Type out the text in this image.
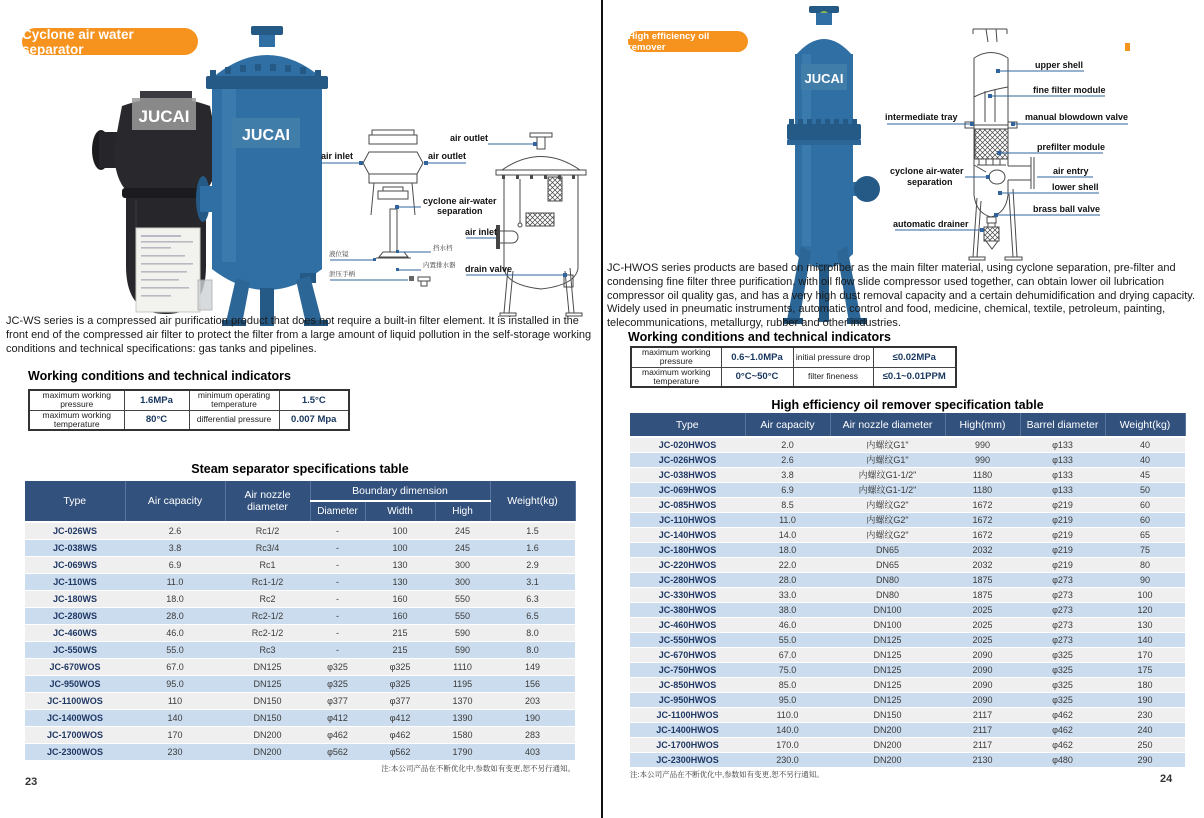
Cyclone air water separator
JUCAI
JUCAI
air inlet	air outlet
cyclone air-water
separation
挡水档
液位镜
内置排水器
泄压手柄
air outlet
air inlet
drain valve
JC-WS series is a compressed air purification product that does not require a built-in filter element. It is installed in the front end of the compressed air filter to protect the filter from a large amount of liquid pollution in the self-storage working conditions and technical specifications: gas tanks and pipelines.
Working conditions and technical indicators
maximum working pressure	1.6MPa	minimum operating temperature	1.5°C
maximum working temperature	80°C	differential pressure	0.007 Mpa
Steam separator specifications table
Type	Air capacity	Air nozzle diameter	Boundary dimension			Weight(kg)
			Diameter	Width	High	
JC-026WS	2.6	Rc1/2	-	100	245	1.5
JC-038WS	3.8	Rc3/4	-	100	245	1.6
JC-069WS	6.9	Rc1	-	130	300	2.9
JC-110WS	11.0	Rc1-1/2	-	130	300	3.1
JC-180WS	18.0	Rc2	-	160	550	6.3
JC-280WS	28.0	Rc2-1/2	-	160	550	6.5
JC-460WS	46.0	Rc2-1/2	-	215	590	8.0
JC-550WS	55.0	Rc3	-	215	590	8.0
JC-670WOS	67.0	DN125	φ325	φ325	1110	149
JC-950WOS	95.0	DN125	φ325	φ325	1195	156
JC-1100WOS	110	DN150	φ377	φ377	1370	203
JC-1400WOS	140	DN150	φ412	φ412	1390	190
JC-1700WOS	170	DN200	φ462	φ462	1580	283
JC-2300WOS	230	DN200	φ562	φ562	1790	403
注:本公司产品在不断优化中,参数如有变更,恕不另行通知。
23
High efficiency oil remover
JUCAI
upper shell
fine filter module
intermediate tray	manual blowdown valve
prefilter module
cyclone air-water
separation
air entry
lower shell
brass ball valve
automatic drainer
JC-HWOS series products are based on microfiber as the main filter material, using cyclone separation, pre-filter and condensing fine filter three purification, with oil flow slide compressor used together, can obtain lower oil lubrication compressor oil quality gas, and has a very high dust removal capacity and a certain dehumidification and drying capacity. Widely used in pneumatic instruments, automatic control and food, medicine, chemical, textile, petroleum, painting, telecommunications, metallurgy, rubber and other industries.
Working conditions and technical indicators
maximum working pressure	0.6~1.0MPa	initial pressure drop	≤0.02MPa
maximum working temperature	0°C~50°C	filter fineness	≤0.1~0.01PPM
High efficiency oil remover specification table
Type	Air capacity	Air nozzle diameter	High(mm)	Barrel diameter	Weight(kg)
JC-020HWOS	2.0	内螺纹G1"	990	φ133	40
JC-026HWOS	2.6	内螺纹G1"	990	φ133	40
JC-038HWOS	3.8	内螺纹G1-1/2"	1180	φ133	45
JC-069HWOS	6.9	内螺纹G1-1/2"	1180	φ133	50
JC-085HWOS	8.5	内螺纹G2"	1672	φ219	60
JC-110HWOS	11.0	内螺纹G2"	1672	φ219	60
JC-140HWOS	14.0	内螺纹G2"	1672	φ219	65
JC-180HWOS	18.0	DN65	2032	φ219	75
JC-220HWOS	22.0	DN65	2032	φ219	80
JC-280HWOS	28.0	DN80	1875	φ273	90
JC-330HWOS	33.0	DN80	1875	φ273	100
JC-380HWOS	38.0	DN100	2025	φ273	120
JC-460HWOS	46.0	DN100	2025	φ273	130
JC-550HWOS	55.0	DN125	2025	φ273	140
JC-670HWOS	67.0	DN125	2090	φ325	170
JC-750HWOS	75.0	DN125	2090	φ325	175
JC-850HWOS	85.0	DN125	2090	φ325	180
JC-950HWOS	95.0	DN125	2090	φ325	190
JC-1100HWOS	110.0	DN150	2117	φ462	230
JC-1400HWOS	140.0	DN200	2117	φ462	240
JC-1700HWOS	170.0	DN200	2117	φ462	250
JC-2300HWOS	230.0	DN200	2130	φ480	290
注:本公司产品在不断优化中,参数如有变更,恕不另行通知。	24
